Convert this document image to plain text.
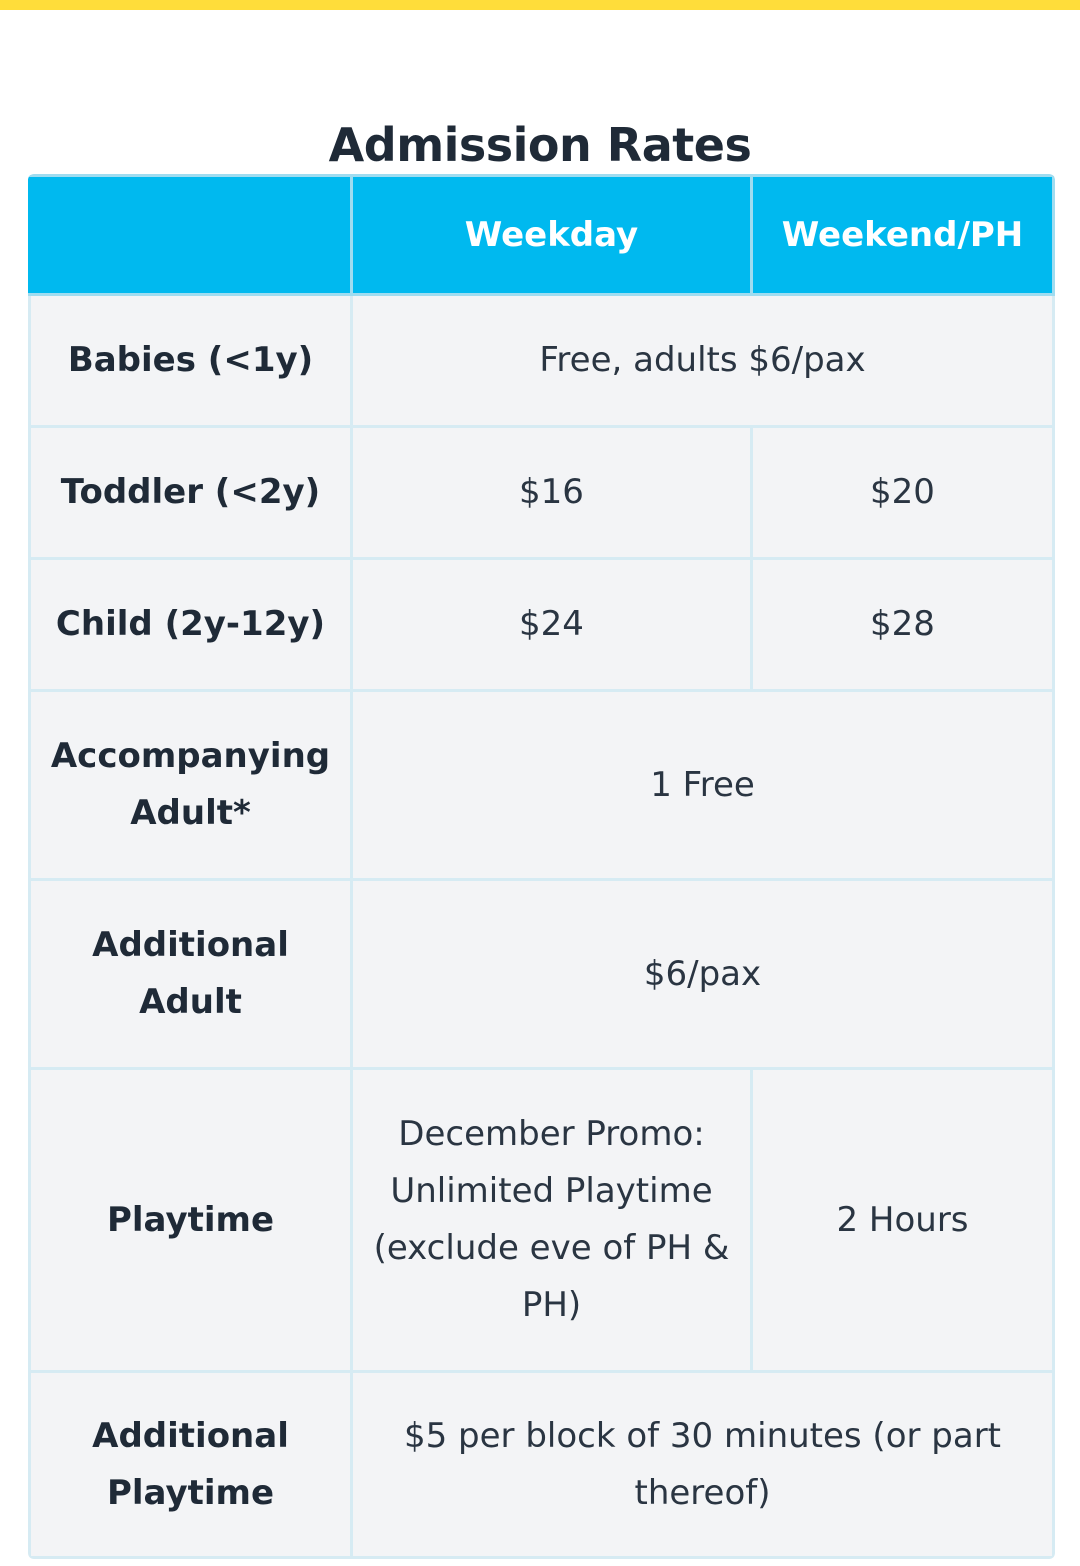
Admission Rates
	Weekday	Weekend/PH
Babies (<1y)	Free, adults $6/pax	
Toddler (<2y)	$16	$20
Child (2y-12y)	$24	$28
Accompanying Adult*	1 Free	
Additional Adult	$6/pax	
Playtime	December Promo: Unlimited Playtime (exclude eve of PH & PH)	2 Hours
Additional Playtime	$5 per block of 30 minutes (or part thereof)	
